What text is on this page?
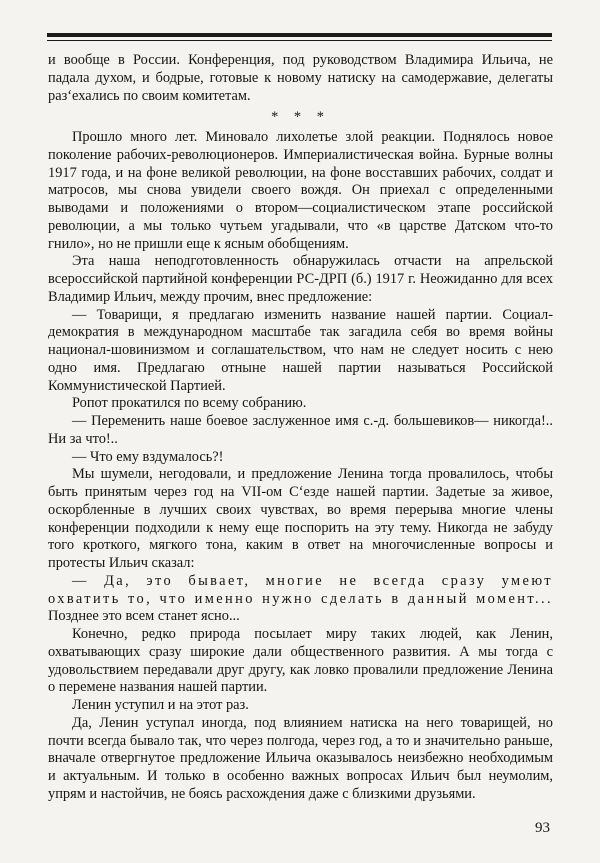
и вообще в России. Конференция, под руководством Владимира Ильича, не падала духом, и бодрые, готовые к новому натиску на самодержавие, делегаты раз‘ехались по своим комитетам.

* * *

Прошло много лет. Миновало лихолетье злой реакции. Поднялось новое поколение рабочих-революционеров. Империалистическая война. Бурные волны 1917 года, и на фоне великой революции, на фоне восставших рабочих, солдат и матросов, мы снова увидели своего вождя. Он приехал с определенными выводами и положениями о втором—социалистическом этапе российской революции, а мы только чутьем угадывали, что «в царстве Датском что-то гнило», но не пришли еще к ясным обобщениям.

Эта наша неподготовленность обнаружилась отчасти на апрельской всероссийской партийной конференции РС-ДРП (б.) 1917 г. Неожиданно для всех Владимир Ильич, между прочим, внес предложение:

— Товарищи, я предлагаю изменить название нашей партии. Социал-демократия в международном масштабе так загадила себя во время войны национал-шовинизмом и соглашательством, что нам не следует носить с нею одно имя. Предлагаю отныне нашей партии называться Российской Коммунистической Партией.

Ропот прокатился по всему собранию.

— Переменить наше боевое заслуженное имя с.-д. большевиков— никогда!.. Ни за что!..

— Что ему вздумалось?!

Мы шумели, негодовали, и предложение Ленина тогда провалилось, чтобы быть принятым через год на VII-ом С‘езде нашей партии. Задетые за живое, оскорбленные в лучших своих чувствах, во время перерыва многие члены конференции подходили к нему еще поспорить на эту тему. Никогда не забуду того кроткого, мягкого тона, каким в ответ на многочисленные вопросы и протесты Ильич сказал:

— Да, это бывает, многие не всегда сразу умеют охватить то, что именно нужно сделать в данный момент... Позднее это всем станет ясно...

Конечно, редко природа посылает миру таких людей, как Ленин, охватывающих сразу широкие дали общественного развития. А мы тогда с удовольствием передавали друг другу, как ловко провалили предложение Ленина о перемене названия нашей партии.

Ленин уступил и на этот раз.

Да, Ленин уступал иногда, под влиянием натиска на него товарищей, но почти всегда бывало так, что через полгода, через год, а то и значительно раньше, вначале отвергнутое предложение Ильича оказывалось неизбежно необходимым и актуальным. И только в особенно важных вопросах Ильич был неумолим, упрям и настойчив, не боясь расхождения даже с близкими друзьями.

93
